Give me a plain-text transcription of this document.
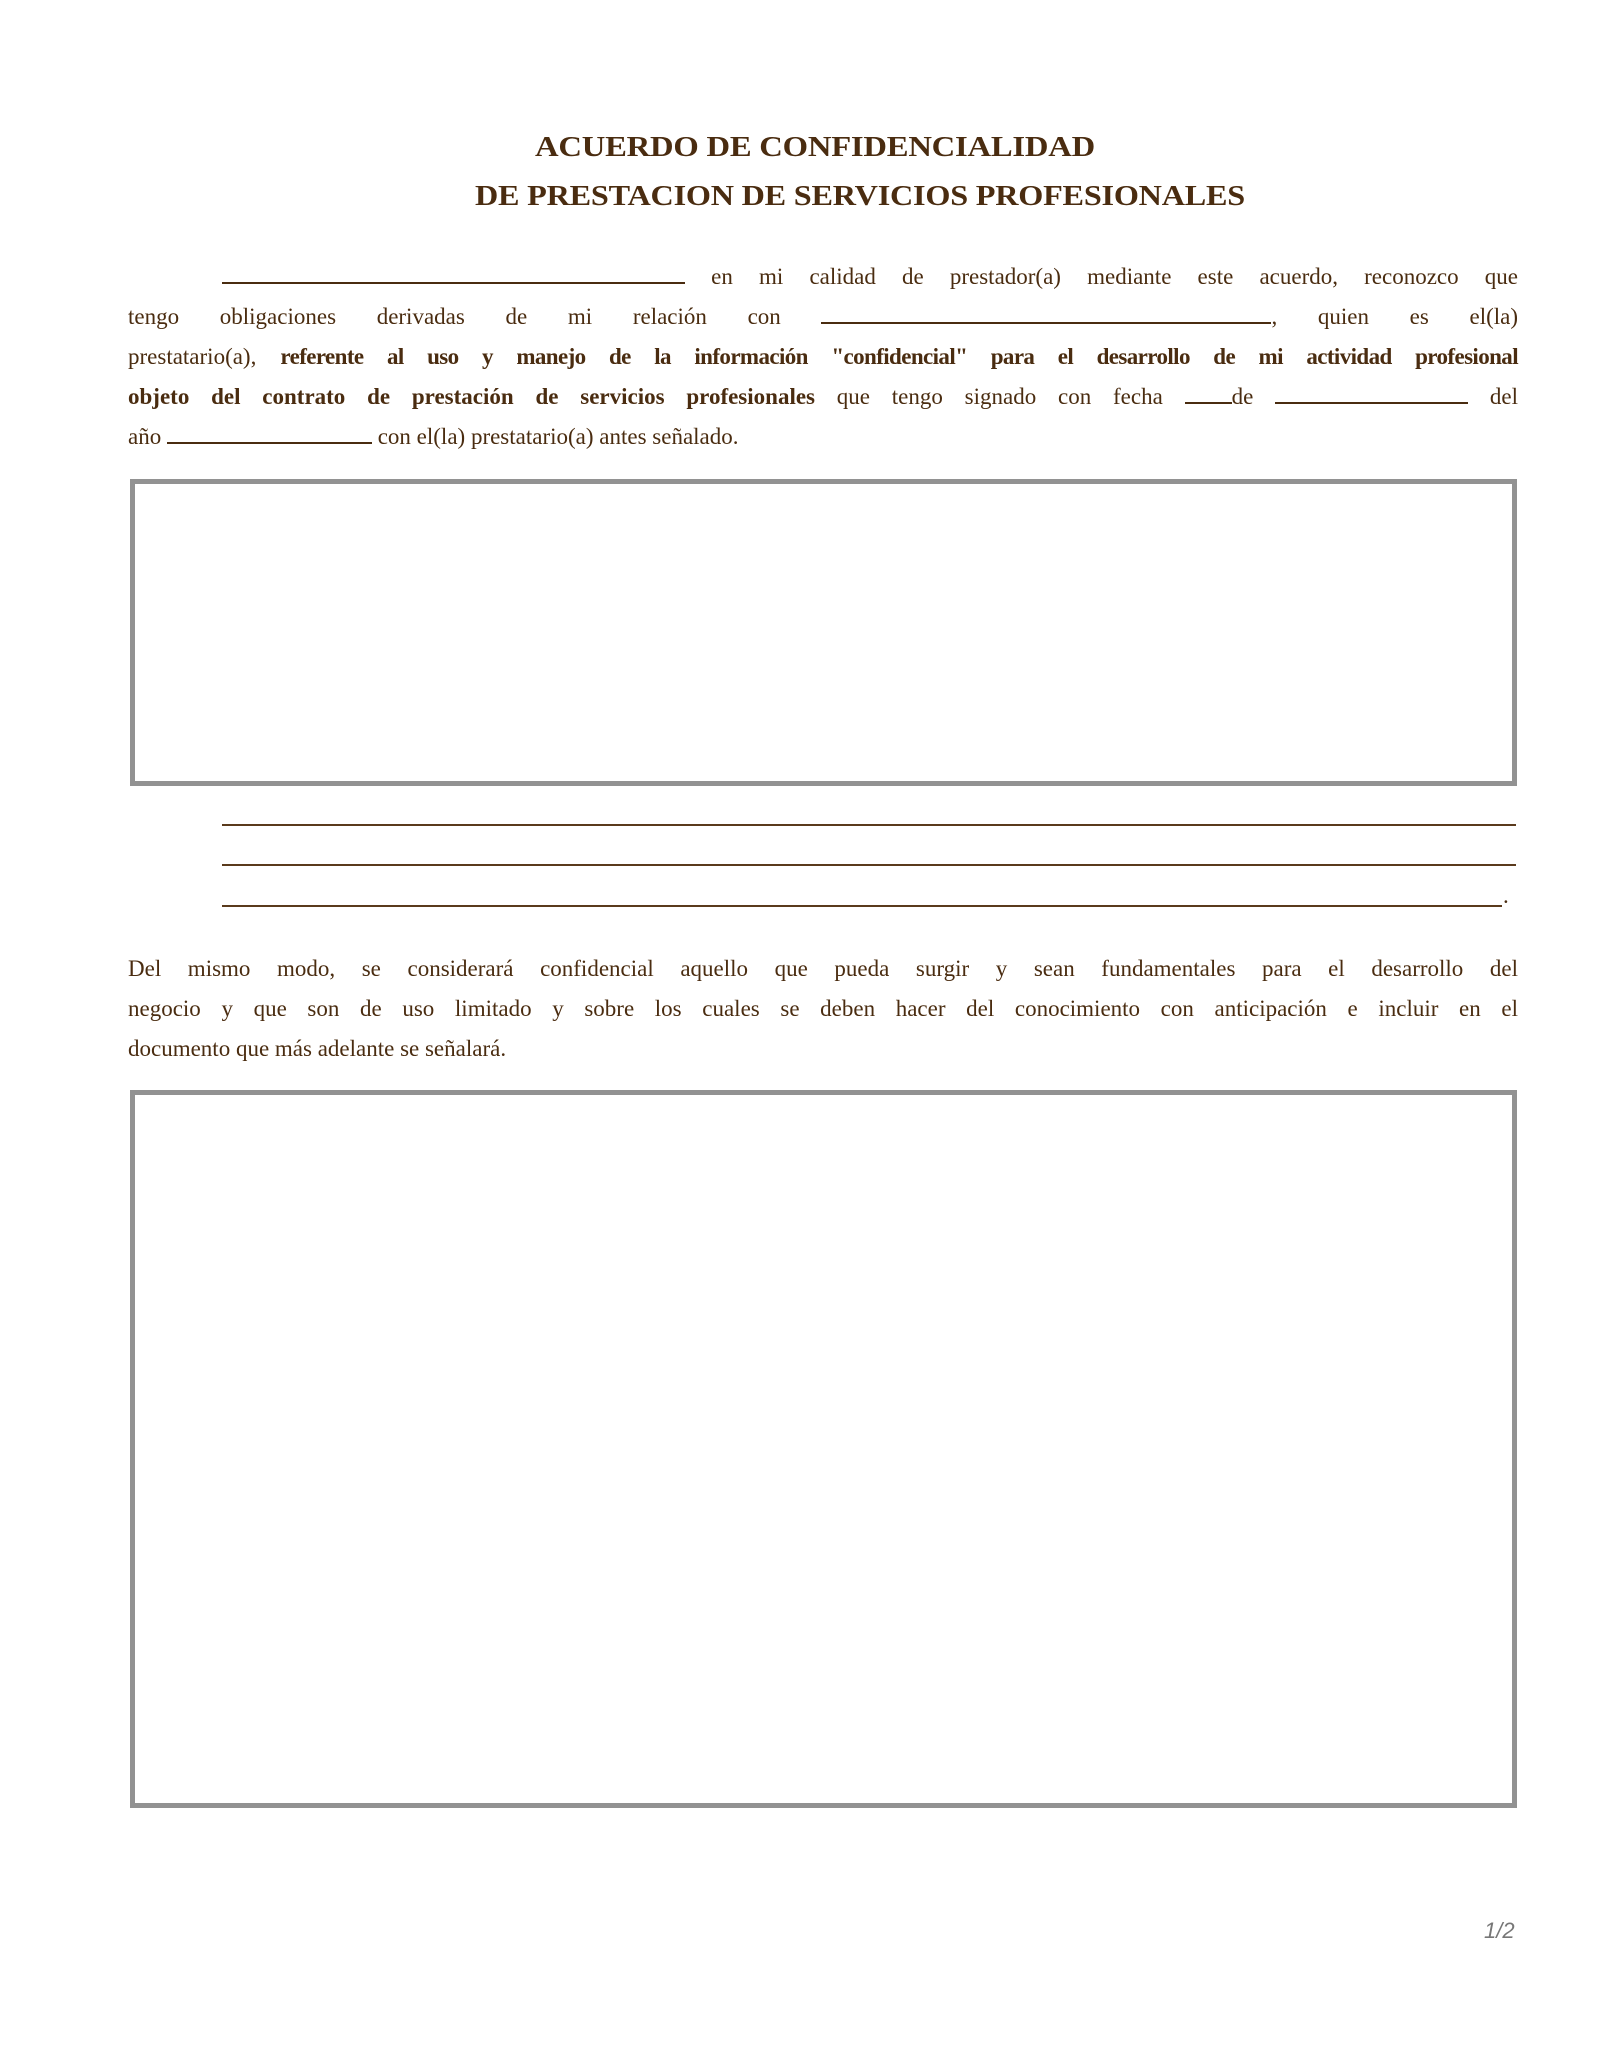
ACUERDO DE CONFIDENCIALIDAD
DE PRESTACION DE SERVICIOS PROFESIONALES
en mi calidad de prestador(a) mediante este acuerdo, reconozco que
tengo obligaciones derivadas de mi relación con	, quien es el(la)
prestatario(a), referente al uso y manejo de la información "confidencial" para el desarrollo de mi actividad profesional
objeto del contrato de prestación de servicios profesionales que tengo signado con fecha	de	del
año	con el(la) prestatario(a) antes señalado.
.
Del mismo modo, se considerará confidencial aquello que pueda surgir y sean fundamentales para el desarrollo del
negocio y que son de uso limitado y sobre los cuales se deben hacer del conocimiento con anticipación e incluir en el
documento que más adelante se señalará.
1/2
